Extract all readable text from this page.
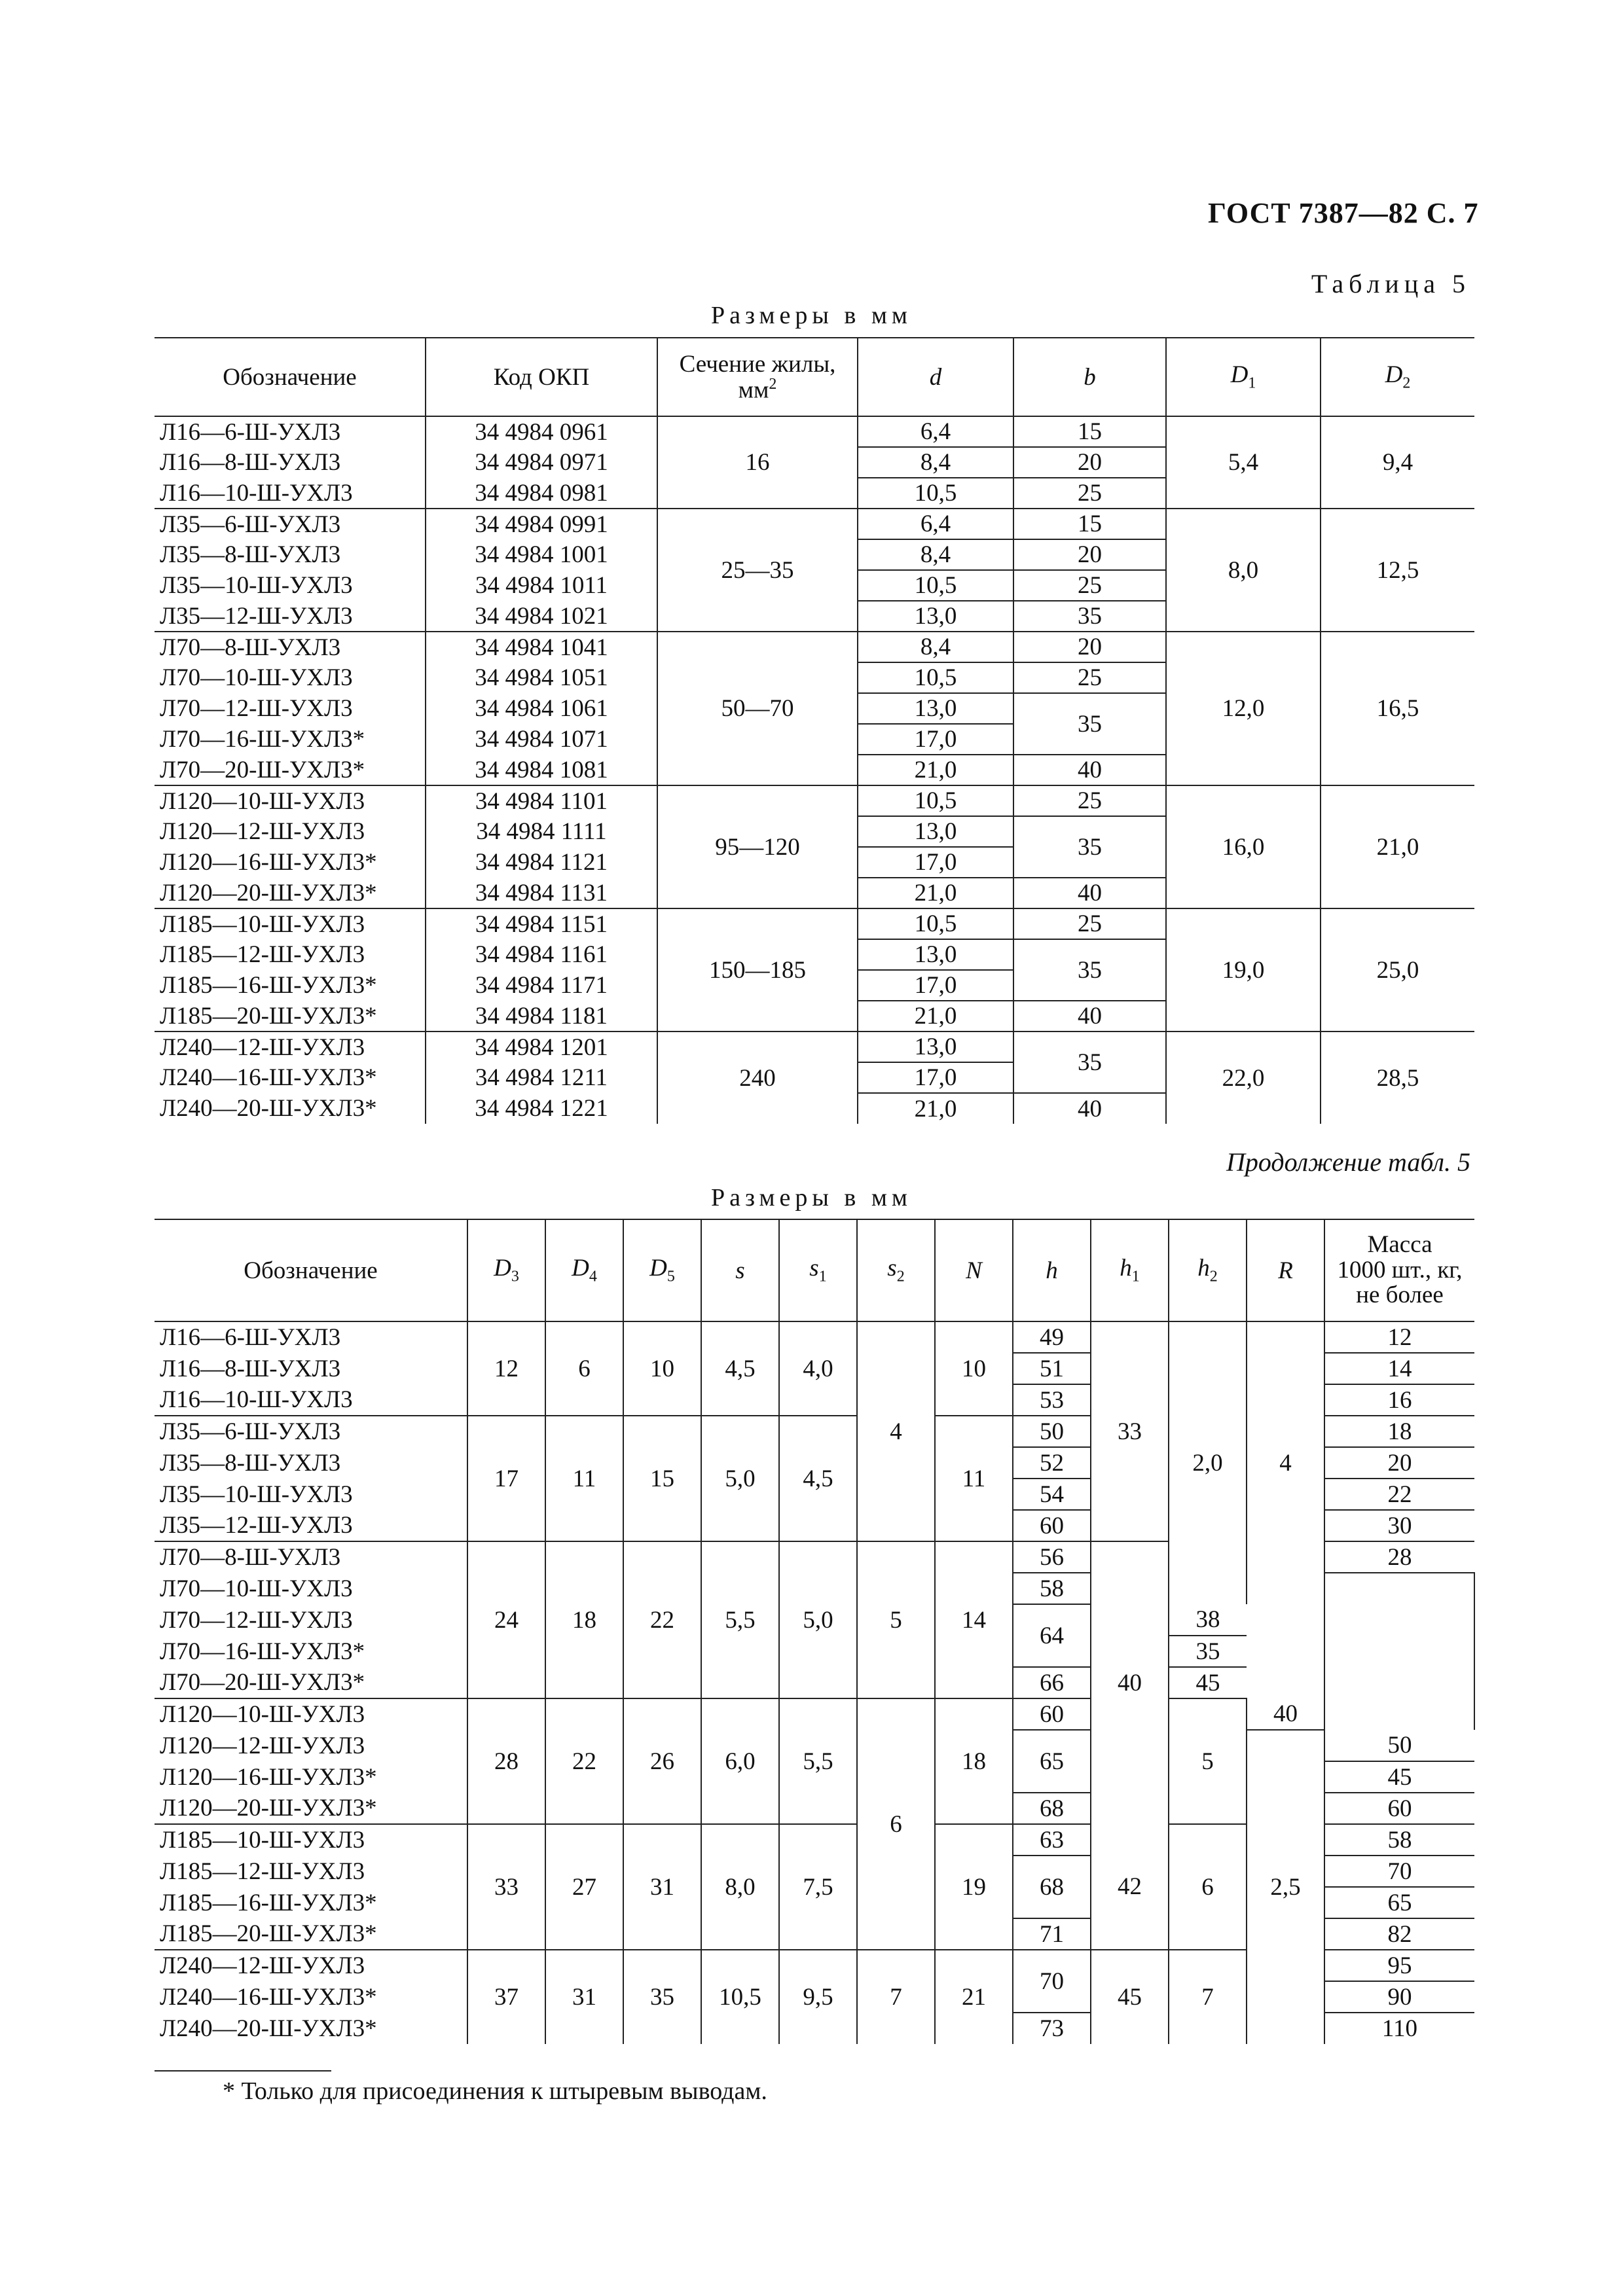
ГОСТ 7387—82 С. 7
Таблица 5
Размеры в мм
Обозначение	Код ОКП	Сечение жилы,
$мм^2$	d	b	$D_1$	$D_2$
Л16—6-Ш-УХЛ3	34 4984 0961	16	6,4	15	5,4	9,4
Л16—8-Ш-УХЛ3	34 4984 0971		8,4	20		
Л16—10-Ш-УХЛ3	34 4984 0981		10,5	25		
Л35—6-Ш-УХЛ3	34 4984 0991	25—35	6,4	15	8,0	12,5
Л35—8-Ш-УХЛ3	34 4984 1001		8,4	20		
Л35—10-Ш-УХЛ3	34 4984 1011		10,5	25		
Л35—12-Ш-УХЛ3	34 4984 1021		13,0	35		
Л70—8-Ш-УХЛ3	34 4984 1041	50—70	8,4	20	12,0	16,5
Л70—10-Ш-УХЛ3	34 4984 1051		10,5	25		
Л70—12-Ш-УХЛ3	34 4984 1061		13,0	35		
Л70—16-Ш-УХЛ3*	34 4984 1071		17,0			
Л70—20-Ш-УХЛ3*	34 4984 1081		21,0	40		
Л120—10-Ш-УХЛ3	34 4984 1101	95—120	10,5	25	16,0	21,0
Л120—12-Ш-УХЛ3	34 4984 1111		13,0	35		
Л120—16-Ш-УХЛ3*	34 4984 1121		17,0			
Л120—20-Ш-УХЛ3*	34 4984 1131		21,0	40		
Л185—10-Ш-УХЛ3	34 4984 1151	150—185	10,5	25	19,0	25,0
Л185—12-Ш-УХЛ3	34 4984 1161		13,0	35		
Л185—16-Ш-УХЛ3*	34 4984 1171		17,0			
Л185—20-Ш-УХЛ3*	34 4984 1181		21,0	40		
Л240—12-Ш-УХЛ3	34 4984 1201	240	13,0	35	22,0	28,5
Л240—16-Ш-УХЛ3*	34 4984 1211		17,0			
Л240—20-Ш-УХЛ3*	34 4984 1221		21,0	40		
Продолжение табл. 5
Размеры в мм
Обозначение	$D_3$	$D_4$	$D_5$	s	$s_1$	$s_2$	N	h	$h_1$	$h_2$	R	Масса
1000 шт., кг,
не более	
Л16—6-Ш-УХЛ3	12	6	10	4,5	4,0	4	10	49	33	2,0	4	12	
Л16—8-Ш-УХЛ3								51				14	
Л16—10-Ш-УХЛ3								53				16	
Л35—6-Ш-УХЛ3	17	11	15	5,0	4,5		11	50				18	
Л35—8-Ш-УХЛ3								52				20	
Л35—10-Ш-УХЛ3								54				22	
Л35—12-Ш-УХЛ3								60				30	
Л70—8-Ш-УХЛ3	24	18	22	5,5	5,0	5	14	56	40			28	
Л70—10-Ш-УХЛ3								58			
Л70—12-Ш-УХЛ3								64		38			
Л70—16-Ш-УХЛ3*										35			
Л70—20-Ш-УХЛ3*								66		45			
Л120—10-Ш-УХЛ3	28	22	26	6,0	5,5	6	18	60		5	40		
Л120—12-Ш-УХЛ3								65			2,5	50	
Л120—16-Ш-УХЛ3*												45	
Л120—20-Ш-УХЛ3*								68				60	
Л185—10-Ш-УХЛ3	33	27	31	8,0	7,5		19	63	42	6		58	
Л185—12-Ш-УХЛ3								68				70	
Л185—16-Ш-УХЛ3*												65	
Л185—20-Ш-УХЛ3*								71				82	
Л240—12-Ш-УХЛ3	37	31	35	10,5	9,5	7	21	70	45	7		95	
Л240—16-Ш-УХЛ3*												90	
Л240—20-Ш-УХЛ3*								73				110	
* Только для присоединения к штыревым выводам.
